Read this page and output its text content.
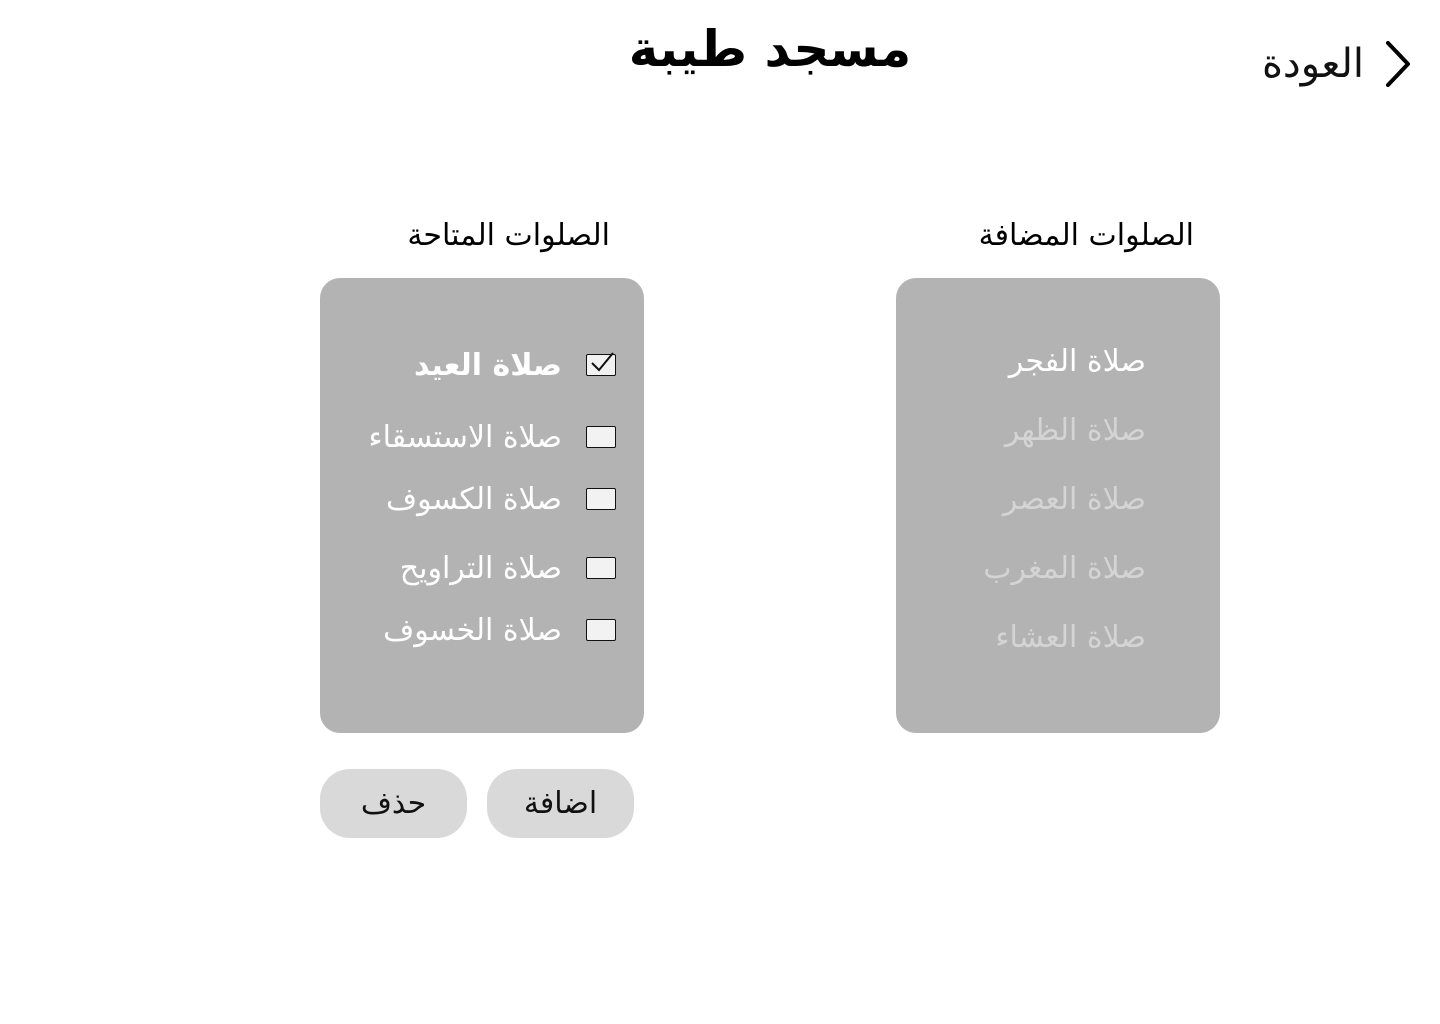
العودة
مسجد طيبة
الصلوات المتاحة
صلاة العيد
صلاة الاستسقاء
صلاة الكسوف
صلاة التراويح
صلاة الخسوف
الصلوات المضافة
صلاة الفجر
صلاة الظهر
صلاة العصر
صلاة المغرب
صلاة العشاء
حذف	اضافة
